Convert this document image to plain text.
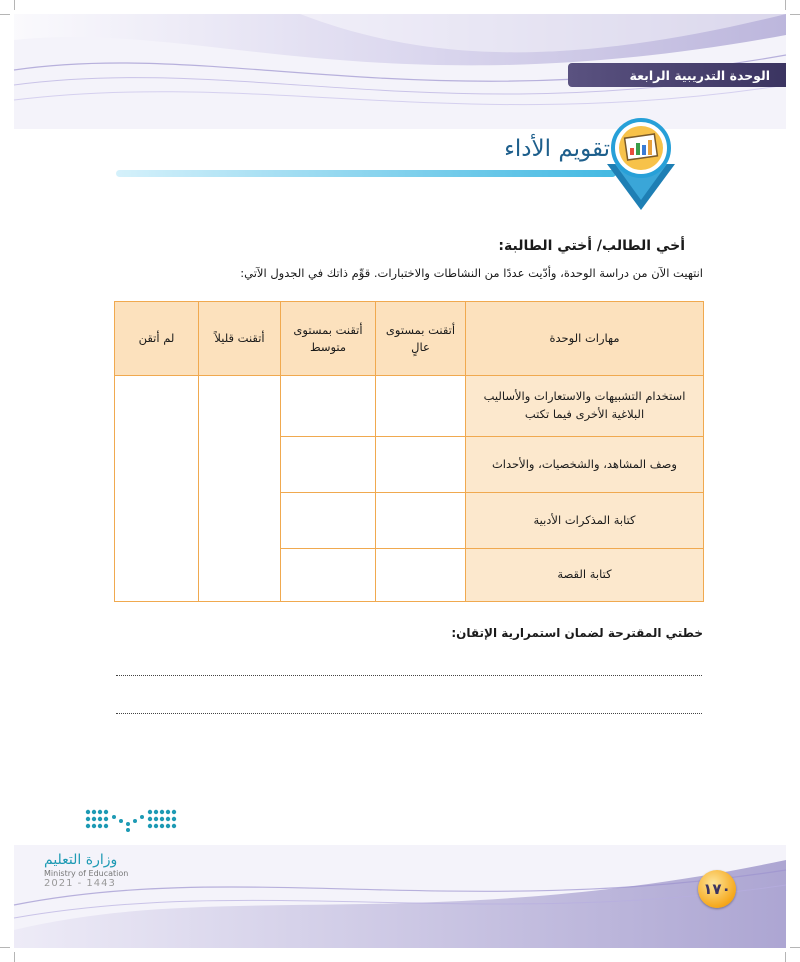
الوحدة التدريبية الرابعة
تقويم الأداء
أخي الطالب/ أختي الطالبة:
انتهيت الآن من دراسة الوحدة، وأدّيت عددًا من النشاطات والاختبارات. قوِّم ذاتك في الجدول الآتي:
مهارات الوحدة	أتقنت بمستوى عالٍ	أتقنت بمستوى متوسط	أتقنت قليلاً	لم أتقن
استخدام التشبيهات والاستعارات والأساليب البلاغية الأخرى فيما تكتب				
وصف المشاهد، والشخصيات، والأحداث				
كتابة المذكرات الأدبية				
كتابة القصة				
خطتي المقترحة لضمان استمرارية الإتقان:
وزارة التعليم
Ministry of Education
2021 - 1443	١٧٠
